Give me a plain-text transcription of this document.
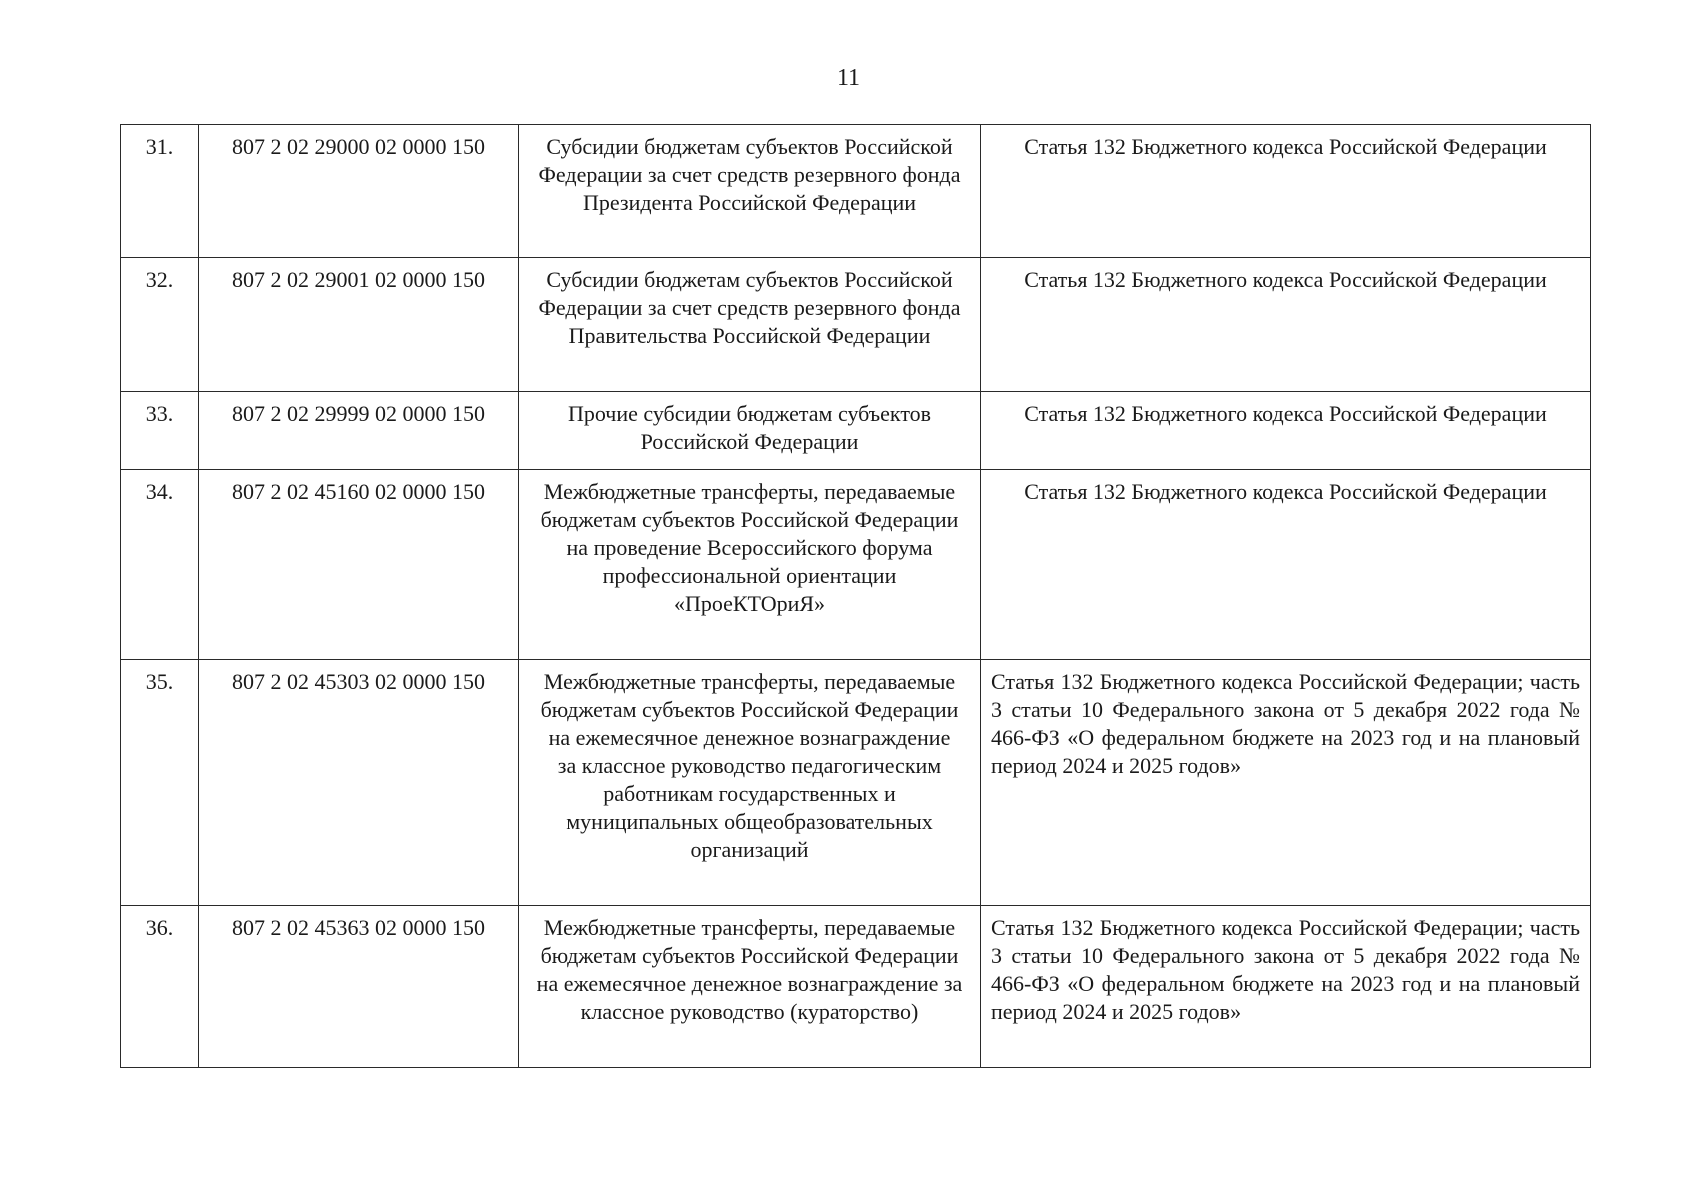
11
31.	807 2 02 29000 02 0000 150	Субсидии бюджетам субъектов Российской Федерации за счет средств резервного фонда Президента Российской Федерации	Статья 132 Бюджетного кодекса Российской Федерации
32.	807 2 02 29001 02 0000 150	Субсидии бюджетам субъектов Российской Федерации за счет средств резервного фонда Правительства Российской Федерации	Статья 132 Бюджетного кодекса Российской Федерации
33.	807 2 02 29999 02 0000 150	Прочие субсидии бюджетам субъектов Российской Федерации	Статья 132 Бюджетного кодекса Российской Федерации
34.	807 2 02 45160 02 0000 150	Межбюджетные трансферты, передаваемые бюджетам субъектов Российской Федерации на проведение Всероссийского форума профессиональной ориентации «ПроеКТОриЯ»	Статья 132 Бюджетного кодекса Российской Федерации
35.	807 2 02 45303 02 0000 150	Межбюджетные трансферты, передаваемые бюджетам субъектов Российской Федерации на ежемесячное денежное вознаграждение
за классное руководство педагогическим работникам государственных и муниципальных общеобразовательных организаций	Статья 132 Бюджетного кодекса Российской Федерации; часть 3 статьи 10 Федерального закона от 5 декабря 2022 года № 466-ФЗ «О федеральном бюджете на 2023 год и на плановый
период 2024 и 2025 годов»

36.	807 2 02 45363 02 0000 150	Межбюджетные трансферты, передаваемые бюджетам субъектов Российской Федерации на ежемесячное денежное вознаграждение за классное руководство (кураторство)	Статья 132 Бюджетного кодекса Российской Федерации; часть 3 статьи 10 Федерального закона от 5 декабря 2022 года № 466-ФЗ «О федеральном бюджете на 2023 год и на плановый
период 2024 и 2025 годов»
